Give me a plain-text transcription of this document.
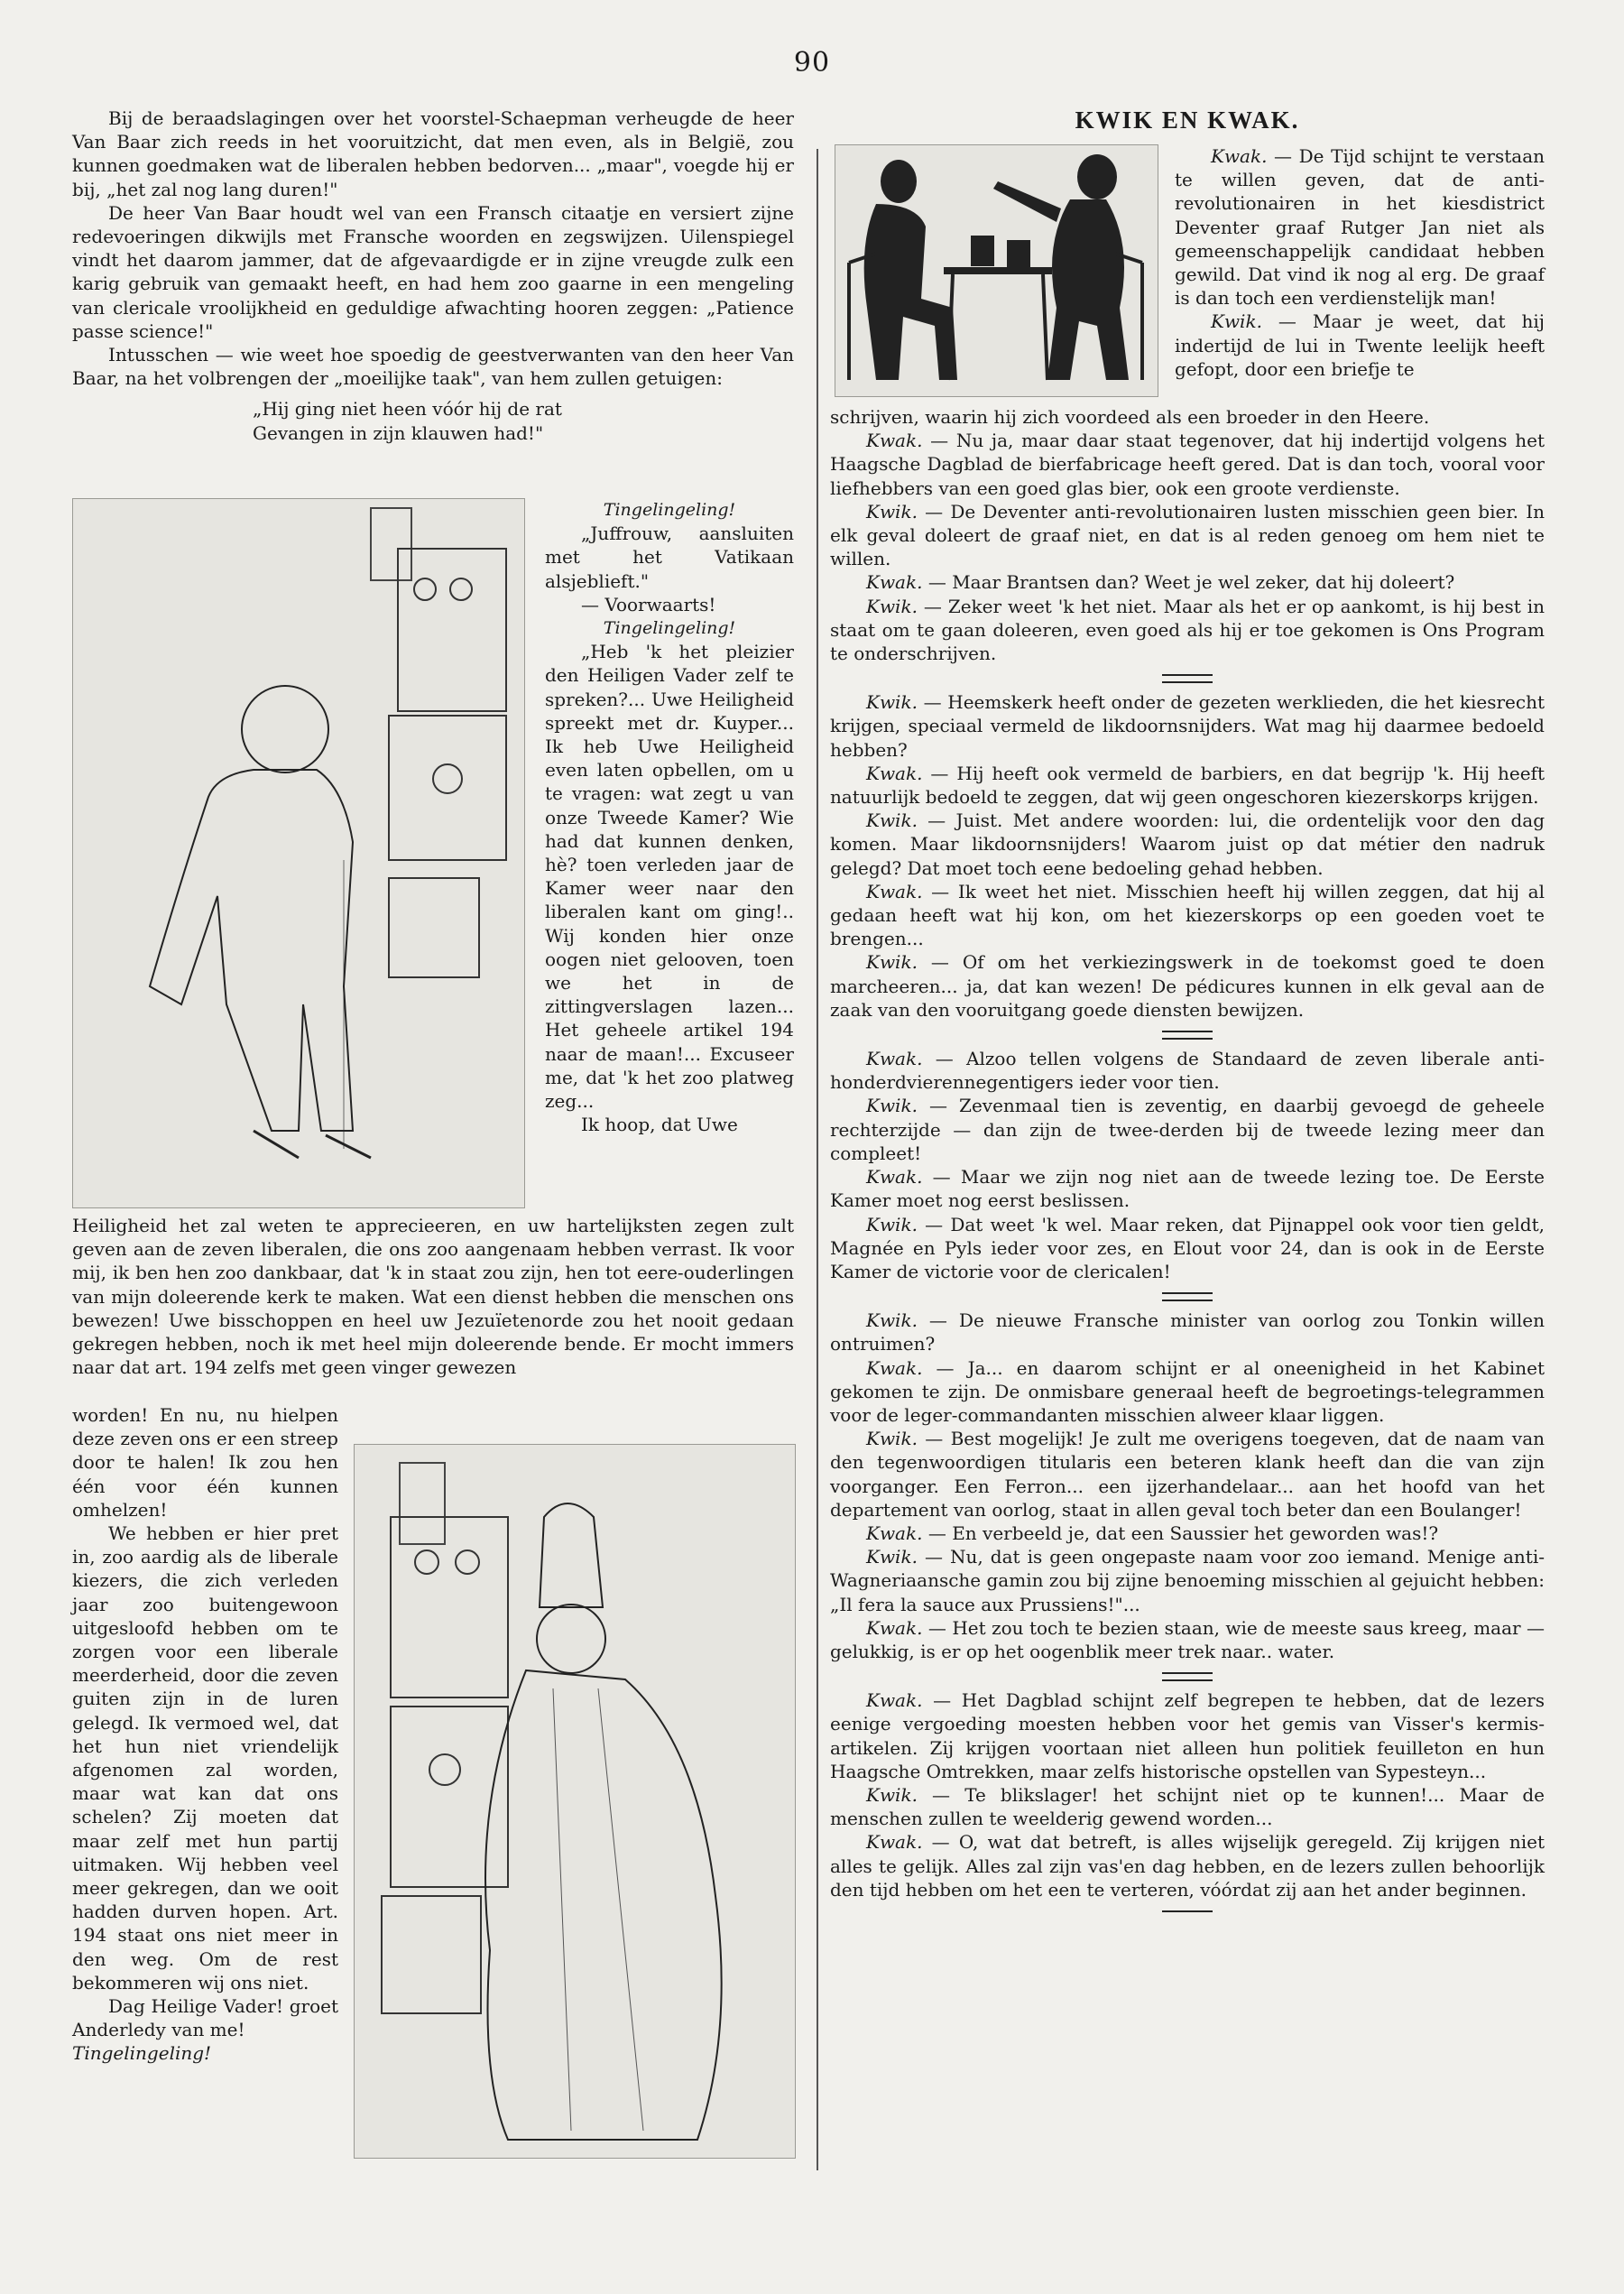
90

Bij de beraadslagingen over het voorstel-Schaepman verheugde de heer Van Baar zich reeds in het vooruitzicht, dat men even, als in België, zou kunnen goedmaken wat de liberalen hebben bedorven... „maar", voegde hij er bij, „het zal nog lang duren!"

De heer Van Baar houdt wel van een Fransch citaatje en versiert zijne redevoeringen dikwijls met Fransche woorden en zegswijzen. Uilenspiegel vindt het daarom jammer, dat de afgevaardigde er in zijne vreugde zulk een karig gebruik van gemaakt heeft, en had hem zoo gaarne in een mengeling van clericale vroolijkheid en geduldige afwachting hooren zeggen: „Patience passe science!"

Intusschen — wie weet hoe spoedig de geestverwanten van den heer Van Baar, na het volbrengen der „moeilijke taak", van hem zullen getuigen:

„Hij ging niet heen vóór hij de rat

Gevangen in zijn klauwen had!"

Tingelingeling!

„Juffrouw, aansluiten met het Vatikaan alsjeblieft."

— Voorwaarts!

Tingelingeling!

„Heb 'k het pleizier den Heiligen Vader zelf te spreken?... Uwe Heiligheid spreekt met dr. Kuyper... Ik heb Uwe Heiligheid even laten opbellen, om u te vragen: wat zegt u van onze Tweede Kamer? Wie had dat kunnen denken, hè? toen verleden jaar de Kamer weer naar den liberalen kant om ging!.. Wij konden hier onze oogen niet gelooven, toen we het in de zittingverslagen lazen... Het geheele artikel 194 naar de maan!... Excuseer me, dat 'k het zoo platweg zeg...

Ik hoop, dat Uwe

Heiligheid het zal weten te apprecieeren, en uw hartelijksten zegen zult geven aan de zeven liberalen, die ons zoo aangenaam hebben verrast. Ik voor mij, ik ben hen zoo dankbaar, dat 'k in staat zou zijn, hen tot eere-ouderlingen van mijn doleerende kerk te maken. Wat een dienst hebben die menschen ons bewezen! Uwe bisschoppen en heel uw Jezuïetenorde zou het nooit gedaan gekregen hebben, noch ik met heel mijn doleerende bende. Er mocht immers naar dat art. 194 zelfs met geen vinger gewezen

worden! En nu, nu hielpen deze zeven ons er een streep door te halen! Ik zou hen één voor één kunnen omhelzen!

We hebben er hier pret in, zoo aardig als de liberale kiezers, die zich verleden jaar zoo buitengewoon uitgesloofd hebben om te zorgen voor een liberale meerderheid, door die zeven guiten zijn in de luren gelegd. Ik vermoed wel, dat het hun niet vriendelijk afgenomen zal worden, maar wat kan dat ons schelen? Zij moeten dat maar zelf met hun partij uitmaken. Wij hebben veel meer gekregen, dan we ooit hadden durven hopen. Art. 194 staat ons niet meer in den weg. Om de rest bekommeren wij ons niet.

Dag Heilige Vader! groet Anderledy van me!

Tingelingeling!

KWIK EN KWAK.

Kwak. — De Tijd schijnt te verstaan te willen geven, dat de anti-revolutionairen in het kiesdistrict Deventer graaf Rutger Jan niet als gemeenschappelijk candidaat hebben gewild. Dat vind ik nog al erg. De graaf is dan toch een verdienstelijk man!

Kwik. — Maar je weet, dat hij indertijd de lui in Twente leelijk heeft gefopt, door een briefje te

schrijven, waarin hij zich voordeed als een broeder in den Heere.

Kwak. — Nu ja, maar daar staat tegenover, dat hij indertijd volgens het Haagsche Dagblad de bierfabricage heeft gered. Dat is dan toch, vooral voor liefhebbers van een goed glas bier, ook een groote verdienste.

Kwik. — De Deventer anti-revolutionairen lusten misschien geen bier. In elk geval doleert de graaf niet, en dat is al reden genoeg om hem niet te willen.

Kwak. — Maar Brantsen dan? Weet je wel zeker, dat hij doleert?

Kwik. — Zeker weet 'k het niet. Maar als het er op aankomt, is hij best in staat om te gaan doleeren, even goed als hij er toe gekomen is Ons Program te onderschrijven.

Kwik. — Heemskerk heeft onder de gezeten werklieden, die het kiesrecht krijgen, speciaal vermeld de likdoornsnijders. Wat mag hij daarmee bedoeld hebben?

Kwak. — Hij heeft ook vermeld de barbiers, en dat begrijp 'k. Hij heeft natuurlijk bedoeld te zeggen, dat wij geen ongeschoren kiezerskorps krijgen.

Kwik. — Juist. Met andere woorden: lui, die ordentelijk voor den dag komen. Maar likdoornsnijders! Waarom juist op dat métier den nadruk gelegd? Dat moet toch eene bedoeling gehad hebben.

Kwak. — Ik weet het niet. Misschien heeft hij willen zeggen, dat hij al gedaan heeft wat hij kon, om het kiezerskorps op een goeden voet te brengen...

Kwik. — Of om het verkiezingswerk in de toekomst goed te doen marcheeren... ja, dat kan wezen! De pédicures kunnen in elk geval aan de zaak van den vooruitgang goede diensten bewijzen.

Kwak. — Alzoo tellen volgens de Standaard de zeven liberale anti-honderdvierennegentigers ieder voor tien.

Kwik. — Zevenmaal tien is zeventig, en daarbij gevoegd de geheele rechterzijde — dan zijn de twee-derden bij de tweede lezing meer dan compleet!

Kwak. — Maar we zijn nog niet aan de tweede lezing toe. De Eerste Kamer moet nog eerst beslissen.

Kwik. — Dat weet 'k wel. Maar reken, dat Pijnappel ook voor tien geldt, Magnée en Pyls ieder voor zes, en Elout voor 24, dan is ook in de Eerste Kamer de victorie voor de clericalen!

Kwik. — De nieuwe Fransche minister van oorlog zou Tonkin willen ontruimen?

Kwak. — Ja... en daarom schijnt er al oneenigheid in het Kabinet gekomen te zijn. De onmisbare generaal heeft de begroetings-telegrammen voor de leger-commandanten misschien alweer klaar liggen.

Kwik. — Best mogelijk! Je zult me overigens toegeven, dat de naam van den tegenwoordigen titularis een beteren klank heeft dan die van zijn voorganger. Een Ferron... een ijzerhandelaar... aan het hoofd van het departement van oorlog, staat in allen geval toch beter dan een Boulanger!

Kwak. — En verbeeld je, dat een Saussier het geworden was!?

Kwik. — Nu, dat is geen ongepaste naam voor zoo iemand. Menige anti-Wagneriaansche gamin zou bij zijne benoeming misschien al gejuicht hebben: „Il fera la sauce aux Prussiens!"...

Kwak. — Het zou toch te bezien staan, wie de meeste saus kreeg, maar — gelukkig, is er op het oogenblik meer trek naar.. water.

Kwak. — Het Dagblad schijnt zelf begrepen te hebben, dat de lezers eenige vergoeding moesten hebben voor het gemis van Visser's kermis-artikelen. Zij krijgen voortaan niet alleen hun politiek feuilleton en hun Haagsche Omtrekken, maar zelfs historische opstellen van Sypesteyn...

Kwik. — Te blikslager! het schijnt niet op te kunnen!... Maar de menschen zullen te weelderig gewend worden...

Kwak. — O, wat dat betreft, is alles wijselijk geregeld. Zij krijgen niet alles te gelijk. Alles zal zijn vas'en dag hebben, en de lezers zullen behoorlijk den tijd hebben om het een te verteren, vóórdat zij aan het ander beginnen.
